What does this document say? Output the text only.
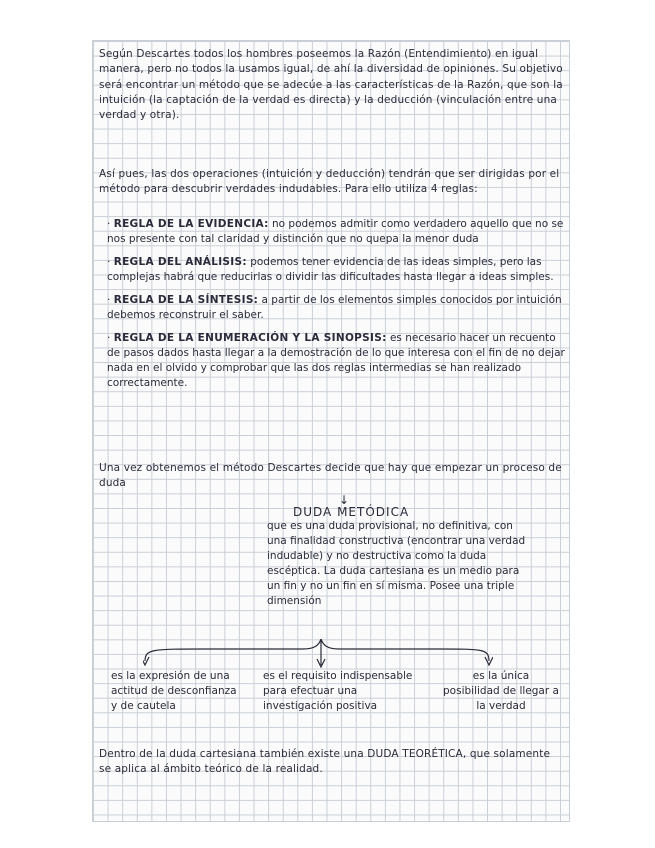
Según Descartes todos los hombres poseemos la Razón (Entendimiento) en igual manera, pero no todos la usamos igual, de ahí la diversidad de opiniones. Su objetivo será encontrar un método que se adecúe a las características de la Razón, que son la intuición (la captación de la verdad es directa) y la deducción (vinculación entre una verdad y otra).
Así pues, las dos operaciones (intuición y deducción) tendrán que ser dirigidas por el método para descubrir verdades indudables. Para ello utiliza 4 reglas:
· REGLA DE LA EVIDENCIA: no podemos admitir como verdadero aquello que no se nos presente con tal claridad y distinción que no quepa la menor duda
· REGLA DEL ANÁLISIS: podemos tener evidencia de las ideas simples, pero las complejas habrá que reducirlas o dividir las dificultades hasta llegar a ideas simples.
· REGLA DE LA SÍNTESIS: a partir de los elementos simples conocidos por intuición debemos reconstruir el saber.
· REGLA DE LA ENUMERACIÓN Y LA SINOPSIS: es necesario hacer un recuento de pasos dados hasta llegar a la demostración de lo que interesa con el fin de no dejar nada en el olvido y comprobar que las dos reglas intermedias se han realizado correctamente.
Una vez obtenemos el método Descartes decide que hay que empezar un proceso de duda
↓
DUDA METÓDICA
que es una duda provisional, no definitiva, con una finalidad constructiva (encontrar una verdad indudable) y no destructiva como la duda escéptica. La duda cartesiana es un medio para un fin y no un fin en sí misma. Posee una triple dimensión
es la expresión de una actitud de desconfianza y de cautela
es el requisito indispensable para efectuar una investigación positiva
es la única posibilidad de llegar a la verdad
Dentro de la duda cartesiana también existe una DUDA TEORÉTICA, que solamente se aplica al ámbito teórico de la realidad.
